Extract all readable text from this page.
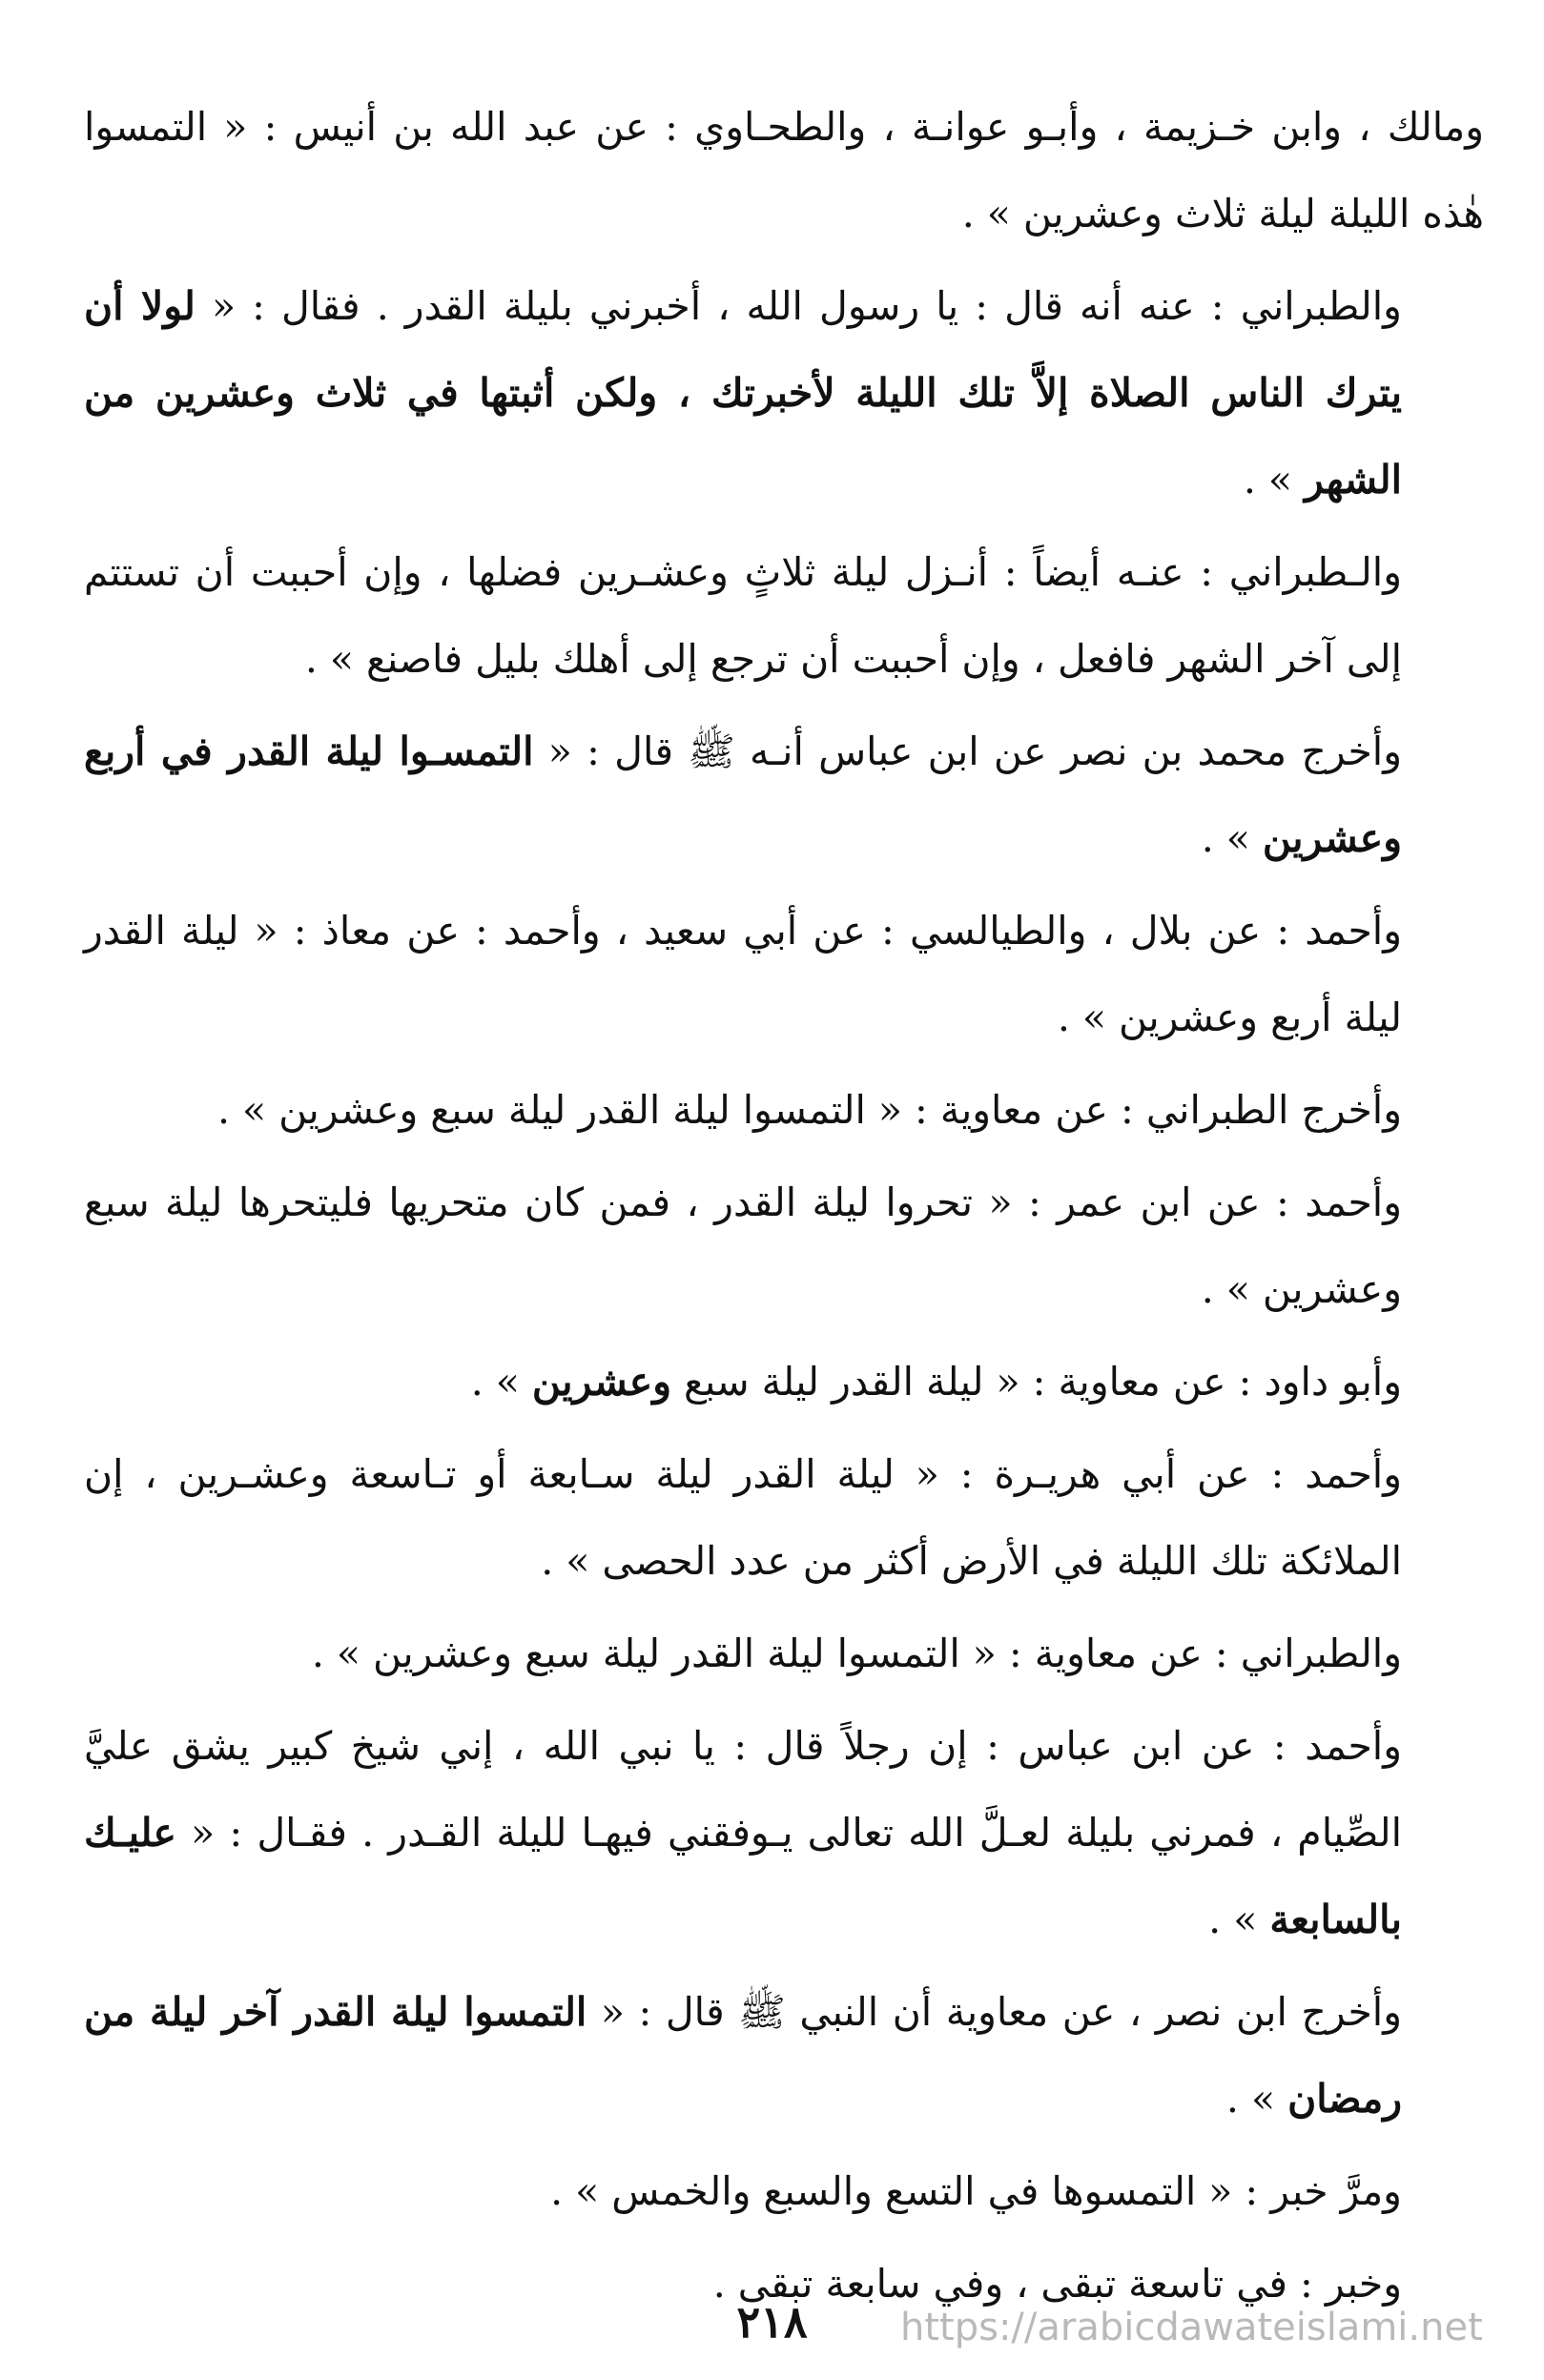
ومالك ، وابن خـزيمة ، وأبـو عوانـة ، والطحـاوي : عن عبد الله بن أنيس : « التمسوا هٰذه الليلة ليلة ثلاث وعشرين » .

والطبراني : عنه أنه قال : يا رسول الله ، أخبرني بليلة القدر . فقال : « لولا أن يترك الناس الصلاة إلاَّ تلك الليلة لأخبرتك ، ولكن أثبتها في ثلاث وعشرين من الشهر » .

والـطبراني : عنـه أيضاً : أنـزل ليلة ثلاثٍ وعشـرين فضلها ، وإن أحببت أن تستتم إلى آخر الشهر فافعل ، وإن أحببت أن ترجع إلى أهلك بليل فاصنع » .

وأخرج محمد بن نصر عن ابن عباس أنـه ﷺ قال : « التمسـوا ليلة القدر في أربع وعشرين » .

وأحمد : عن بلال ، والطيالسي : عن أبي سعيد ، وأحمد : عن معاذ : « ليلة القدر ليلة أربع وعشرين » .

وأخرج الطبراني : عن معاوية : « التمسوا ليلة القدر ليلة سبع وعشرين » .

وأحمد : عن ابن عمر : « تحروا ليلة القدر ، فمن كان متحريها فليتحرها ليلة سبع وعشرين » .

وأبو داود : عن معاوية : « ليلة القدر ليلة سبع وعشرين » .

وأحمد : عن أبي هريـرة : « ليلة القدر ليلة سـابعة أو تـاسعة وعشـرين ، إن الملائكة تلك الليلة في الأرض أكثر من عدد الحصى » .

والطبراني : عن معاوية : « التمسوا ليلة القدر ليلة سبع وعشرين » .

وأحمد : عن ابن عباس : إن رجلاً قال : يا نبي الله ، إني شيخ كبير يشق عليَّ الصِّيام ، فمرني بليلة لعـلَّ الله تعالى يـوفقني فيهـا لليلة القـدر . فقـال : « عليـك بالسابعة » .

وأخرج ابن نصر ، عن معاوية أن النبي ﷺ قال : « التمسوا ليلة القدر آخر ليلة من رمضان » .

ومرَّ خبر : « التمسوها في التسع والسبع والخمس » .

وخبر : في تاسعة تبقى ، وفي سابعة تبقى .

٢١٨	https://arabicdawateislami.net
